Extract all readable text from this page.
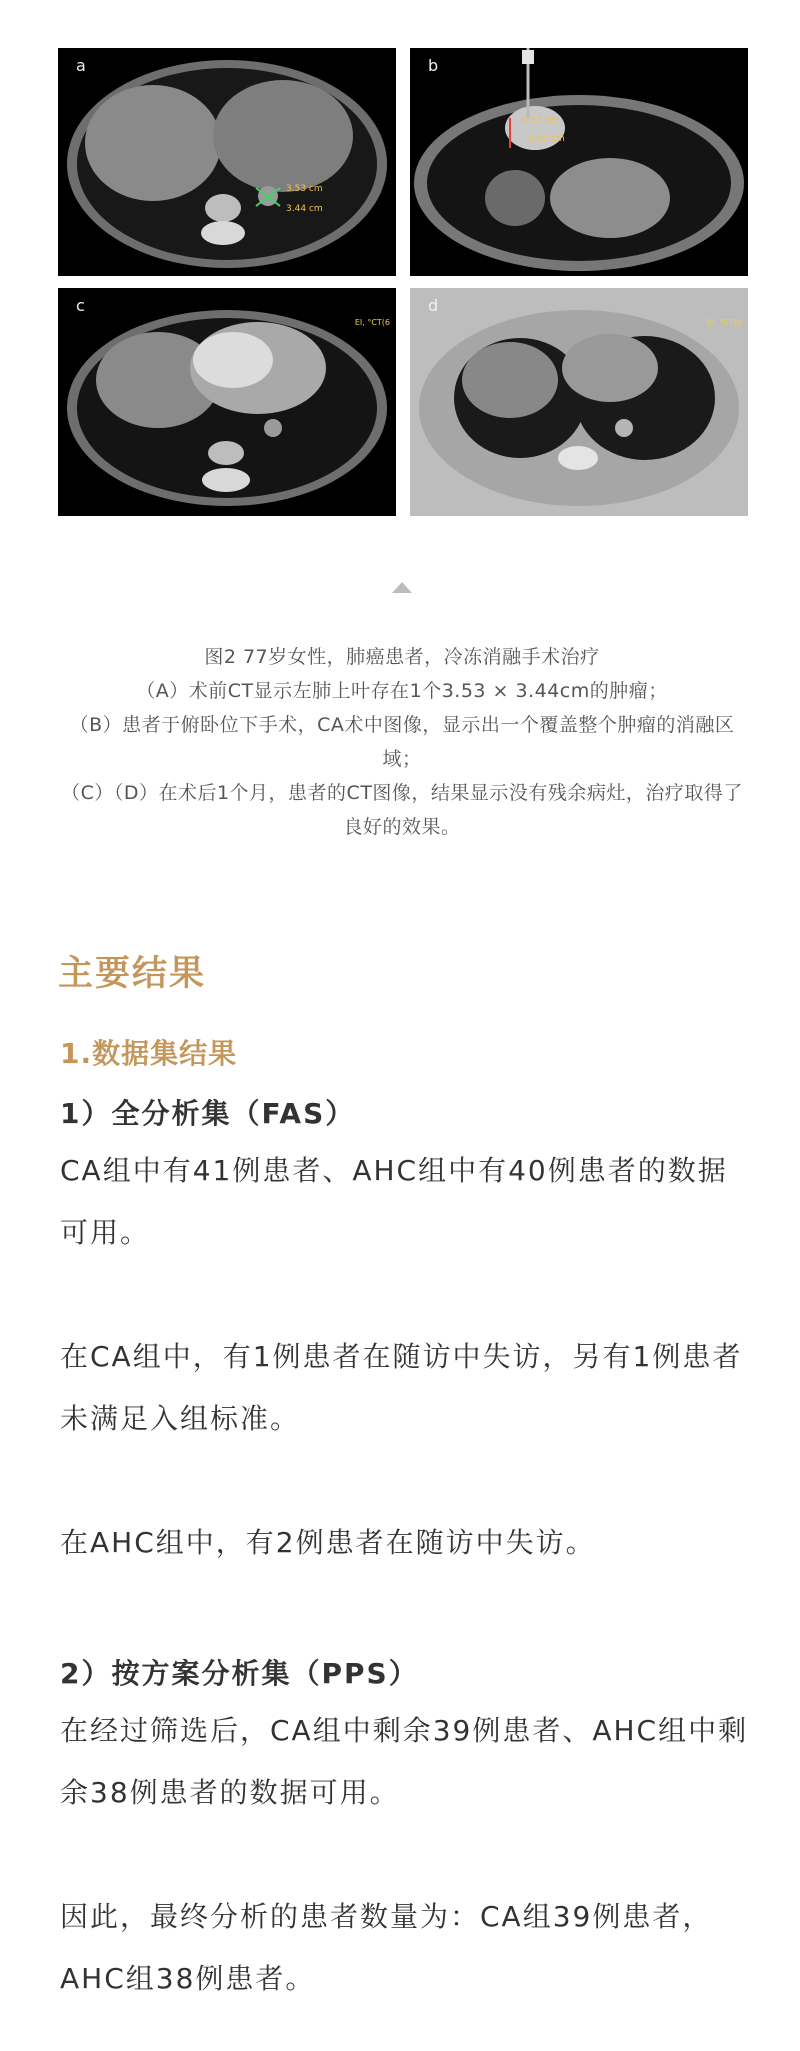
a
3.53 cm
3.44 cm
b
4.57 cm
2.62 cm
c
EI, °CT(6
d
EI, °CT(6

图2 77岁女性，肺癌患者，冷冻消融手术治疗

（A）术前CT显示左肺上叶存在1个3.53 × 3.44cm的肿瘤；

（B）患者于俯卧位下手术，CA术中图像，显示出一个覆盖整个肿瘤的消融区域；

（C）（D）在术后1个月，患者的CT图像，结果显示没有残余病灶，治疗取得了良好的效果。

主要结果
1.数据集结果
1）全分析集（FAS）
CA组中有41例患者、AHC组中有40例患者的数据可用。
在CA组中，有1例患者在随访中失访，另有1例患者未满足入组标准。
在AHC组中，有2例患者在随访中失访。
2）按方案分析集（PPS）
在经过筛选后，CA组中剩余39例患者、AHC组中剩余38例患者的数据可用。
因此，最终分析的患者数量为：CA组39例患者，AHC组38例患者。
